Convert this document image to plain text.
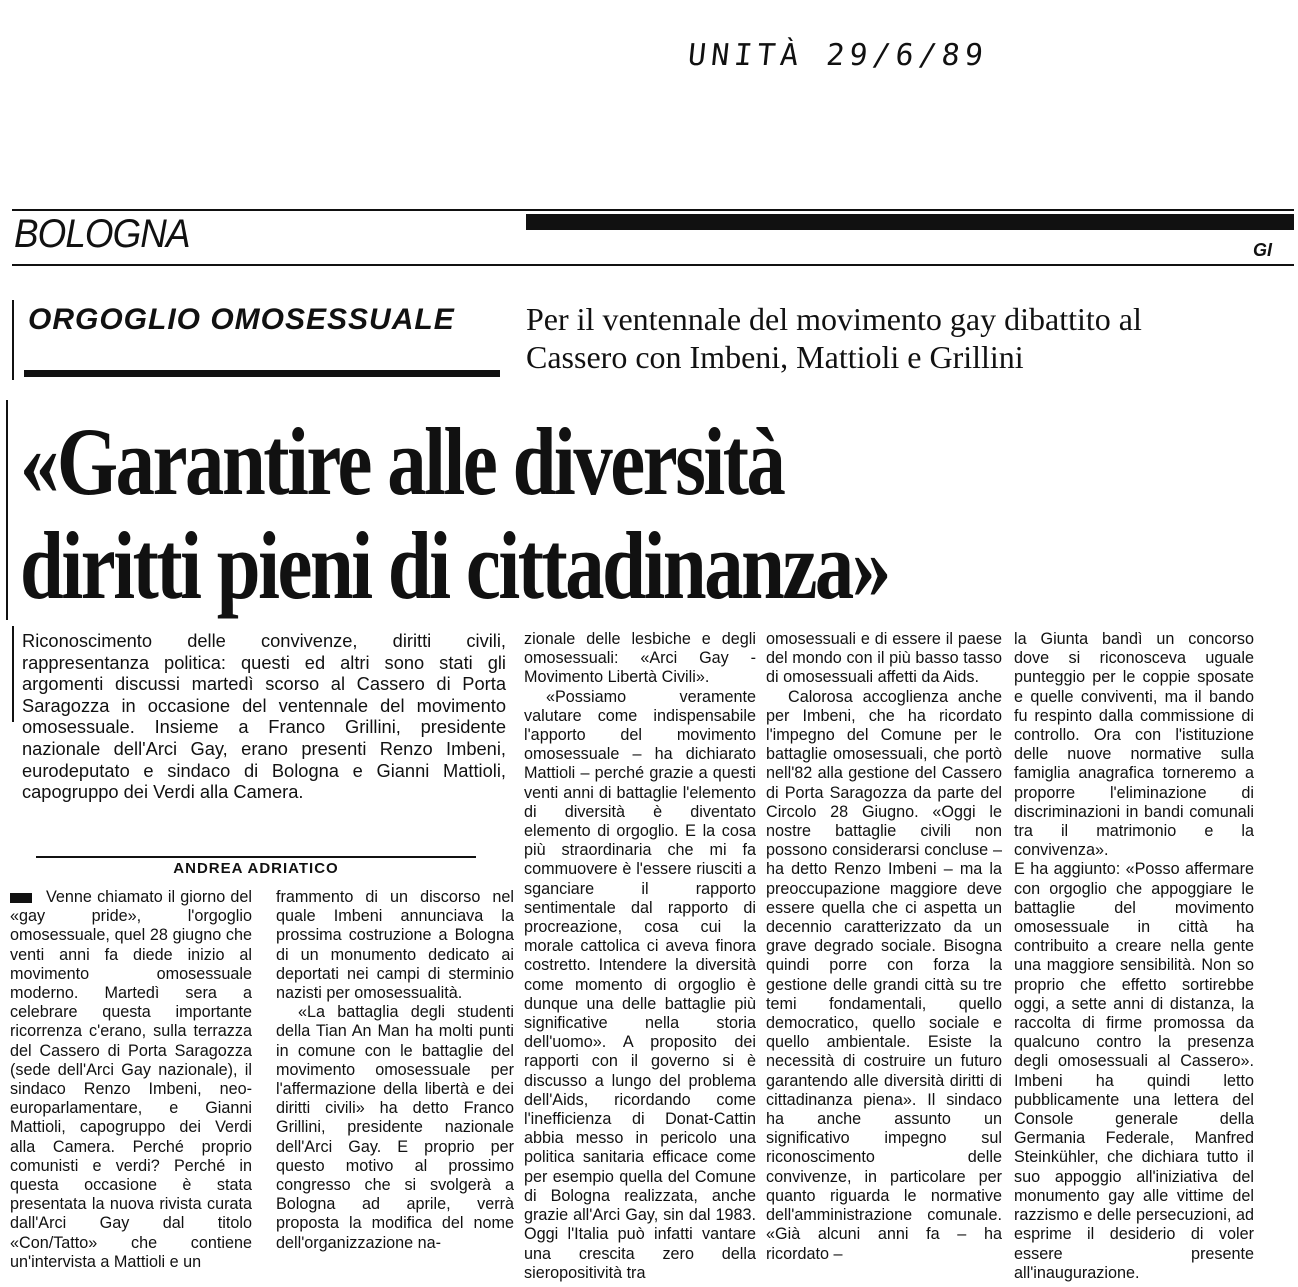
UNITÀ 29/6/89
BOLOGNA	GI
ORGOGLIO OMOSESSUALE Per il ventennale del movimento gay dibattito al Cassero con Imbeni, Mattioli e Grillini
«Garantire alle diversità
diritti pieni di cittadinanza»
Riconoscimento delle convivenze, diritti civili, rappresentanza politica: questi ed altri sono stati gli argomenti discussi martedì scorso al Cassero di Porta Saragozza in occasione del ventennale del movimento omosessuale. Insieme a Franco Grillini, presidente nazionale dell'Arci Gay, erano presenti Renzo Imbeni, eurodeputato e sindaco di Bologna e Gianni Mattioli, capogruppo dei Verdi alla Camera.
ANDREA ADRIATICO

Venne chiamato il giorno del «gay pride», l'orgoglio omosessuale, quel 28 giugno che venti anni fa diede inizio al movimento omosessuale moderno. Martedì sera a celebrare questa importante ricorrenza c'erano, sulla terrazza del Cassero di Porta Saragozza (sede dell'Arci Gay nazionale), il sindaco Renzo Imbeni, neo-europarlamentare, e Gianni Mattioli, capogruppo dei Verdi alla Camera. Perché proprio comunisti e verdi? Perché in questa occasione è stata presentata la nuova rivista curata dall'Arci Gay dal titolo «Con/Tatto» che contiene un'intervista a Mattioli e un

frammento di un discorso nel quale Imbeni annunciava la prossima costruzione a Bologna di un monumento dedicato ai deportati nei campi di sterminio nazisti per omosessualità.

«La battaglia degli studenti della Tian An Man ha molti punti in comune con le battaglie del movimento omosessuale per l'affermazione della libertà e dei diritti civili» ha detto Franco Grillini, presidente nazionale dell'Arci Gay. E proprio per questo motivo al prossimo congresso che si svolgerà a Bologna ad aprile, verrà proposta la modifica del nome dell'organizzazione na-

zionale delle lesbiche e degli omosessuali: «Arci Gay - Movimento Libertà Civili».

«Possiamo veramente valutare come indispensabile l'apporto del movimento omosessuale – ha dichiarato Mattioli – perché grazie a questi venti anni di battaglie l'elemento di diversità è diventato elemento di orgoglio. E la cosa più straordinaria che mi fa commuovere è l'essere riusciti a sganciare il rapporto sentimentale dal rapporto di procreazione, cosa cui la morale cattolica ci aveva finora costretto. Intendere la diversità come momento di orgoglio è dunque una delle battaglie più significative nella storia dell'uomo». A proposito dei rapporti con il governo si è discusso a lungo del problema dell'Aids, ricordando come l'inefficienza di Donat-Cattin abbia messo in pericolo una politica sanitaria efficace come per esempio quella del Comune di Bologna realizzata, anche grazie all'Arci Gay, sin dal 1983. Oggi l'Italia può infatti vantare una crescita zero della sieropositività tra

omosessuali e di essere il paese del mondo con il più basso tasso di omosessuali affetti da Aids.

Calorosa accoglienza anche per Imbeni, che ha ricordato l'impegno del Comune per le battaglie omosessuali, che portò nell'82 alla gestione del Cassero di Porta Saragozza da parte del Circolo 28 Giugno. «Oggi le nostre battaglie civili non possono considerarsi concluse – ha detto Renzo Imbeni – ma la preoccupazione maggiore deve essere quella che ci aspetta un decennio caratterizzato da un grave degrado sociale. Bisogna quindi porre con forza la gestione delle grandi città su tre temi fondamentali, quello democratico, quello sociale e quello ambientale. Esiste la necessità di costruire un futuro garantendo alle diversità diritti di cittadinanza piena». Il sindaco ha anche assunto un significativo impegno sul riconoscimento delle convivenze, in particolare per quanto riguarda le normative dell'amministrazione comunale. «Già alcuni anni fa – ha ricordato –

la Giunta bandì un concorso dove si riconosceva uguale punteggio per le coppie sposate e quelle conviventi, ma il bando fu respinto dalla commissione di controllo. Ora con l'istituzione delle nuove normative sulla famiglia anagrafica torneremo a proporre l'eliminazione di discriminazioni in bandi comunali tra il matrimonio e la convivenza».

E ha aggiunto: «Posso affermare con orgoglio che appoggiare le battaglie del movimento omosessuale in città ha contribuito a creare nella gente una maggiore sensibilità. Non so proprio che effetto sortirebbe oggi, a sette anni di distanza, la raccolta di firme promossa da qualcuno contro la presenza degli omosessuali al Cassero». Imbeni ha quindi letto pubblicamente una lettera del Console generale della Germania Federale, Manfred Steinkühler, che dichiara tutto il suo appoggio all'iniziativa del monumento gay alle vittime del razzismo e delle persecuzioni, ad esprime il desiderio di voler essere presente all'inaugurazione.
